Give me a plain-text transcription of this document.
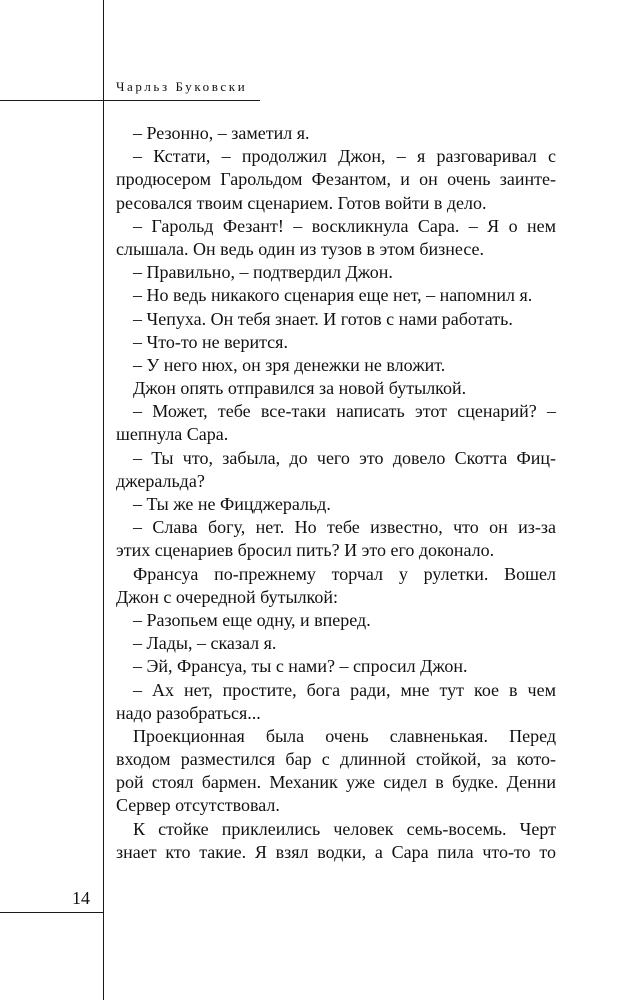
Чарльз Буковски
– Резонно, – заметил я.
– Кстати, – продолжил Джон, – я разговаривал с
продюсером Гарольдом Фезантом, и он очень заинте-
ресовался твоим сценарием. Готов войти в дело.
– Гарольд Фезант! – воскликнула Сара. – Я о нем
слышала. Он ведь один из тузов в этом бизнесе.
– Правильно, – подтвердил Джон.
– Но ведь никакого сценария еще нет, – напомнил я.
– Чепуха. Он тебя знает. И готов с нами работать.
– Что-то не верится.
– У него нюх, он зря денежки не вложит.
Джон опять отправился за новой бутылкой.
– Может, тебе все-таки написать этот сценарий? –
шепнула Сара.
– Ты что, забыла, до чего это довело Скотта Фиц-
джеральда?
– Ты же не Фицджеральд.
– Слава богу, нет. Но тебе известно, что он из-за
этих сценариев бросил пить? И это его доконало.
Франсуа по-прежнему торчал у рулетки. Вошел
Джон с очередной бутылкой:
– Разопьем еще одну, и вперед.
– Лады, – сказал я.
– Эй, Франсуа, ты с нами? – спросил Джон.
– Ах нет, простите, бога ради, мне тут кое в чем
надо разобраться...
Проекционная была очень славненькая. Перед
входом разместился бар с длинной стойкой, за кото-
рой стоял бармен. Механик уже сидел в будке. Денни
Сервер отсутствовал.
К стойке приклеились человек семь-восемь. Черт
знает кто такие. Я взял водки, а Сара пила что-то то
14
